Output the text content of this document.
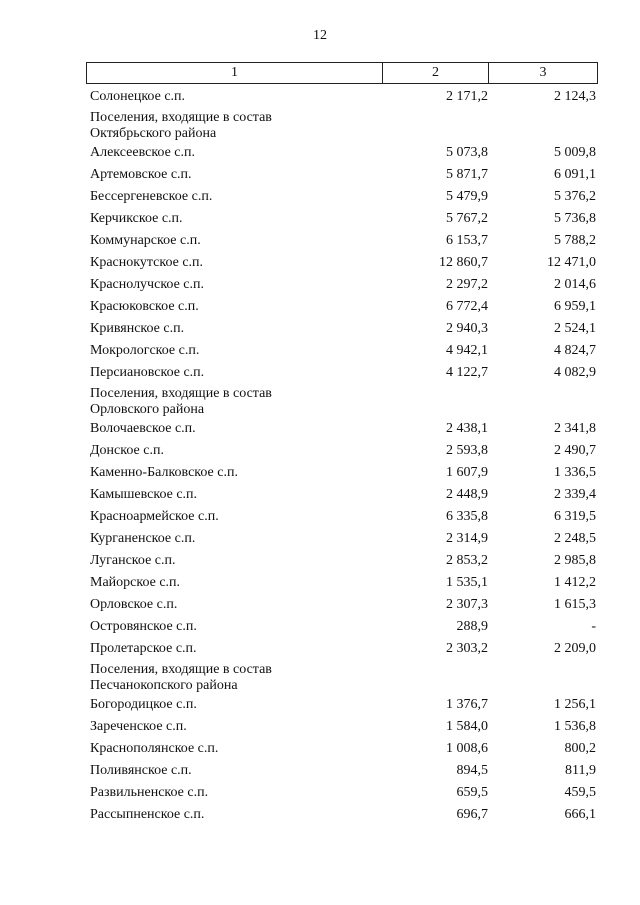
12
1	2	3
Солонецкое с.п.	2 171,2	2 124,3
Поселения, входящие в состав
Октябрьского района
Алексеевское с.п.	5 073,8	5 009,8
Артемовское с.п.	5 871,7	6 091,1
Бессергеневское с.п.	5 479,9	5 376,2
Керчикское с.п.	5 767,2	5 736,8
Коммунарское с.п.	6 153,7	5 788,2
Краснокутское с.п.	12 860,7	12 471,0
Краснолучское с.п.	2 297,2	2 014,6
Красюковское с.п.	6 772,4	6 959,1
Кривянское с.п.	2 940,3	2 524,1
Мокрологское с.п.	4 942,1	4 824,7
Персиановское с.п.	4 122,7	4 082,9
Поселения, входящие в состав
Орловского района
Волочаевское с.п.	2 438,1	2 341,8
Донское с.п.	2 593,8	2 490,7
Каменно-Балковское с.п.	1 607,9	1 336,5
Камышевское с.п.	2 448,9	2 339,4
Красноармейское с.п.	6 335,8	6 319,5
Курганенское с.п.	2 314,9	2 248,5
Луганское с.п.	2 853,2	2 985,8
Майорское с.п.	1 535,1	1 412,2
Орловское с.п.	2 307,3	1 615,3
Островянское с.п.	288,9	-
Пролетарское с.п.	2 303,2	2 209,0
Поселения, входящие в состав
Песчанокопского района
Богородицкое с.п.	1 376,7	1 256,1
Зареченское с.п.	1 584,0	1 536,8
Краснополянское с.п.	1 008,6	800,2
Поливянское с.п.	894,5	811,9
Развильненское с.п.	659,5	459,5
Рассыпненское с.п.	696,7	666,1
